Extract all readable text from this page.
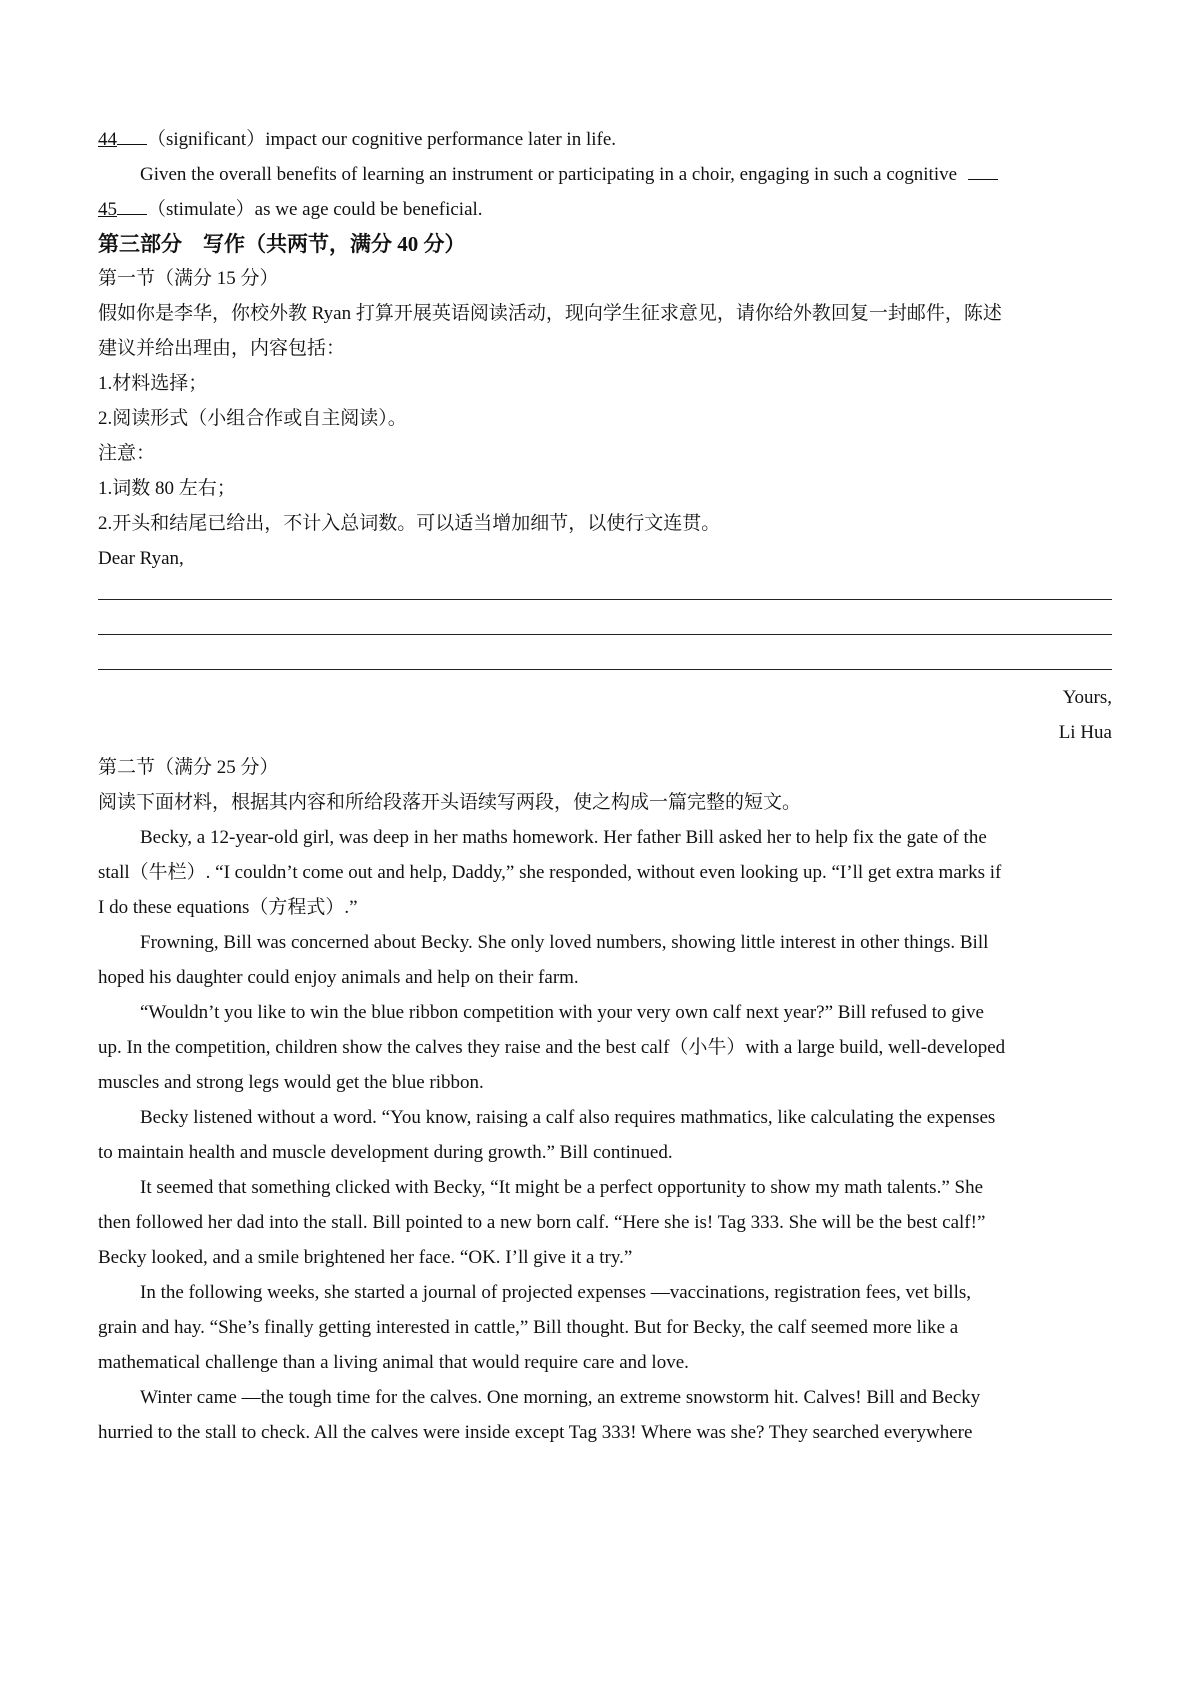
44 （significant）impact our cognitive performance later in life.
Given the overall benefits of learning an instrument or participating in a choir, engaging in such a cognitive
45 （stimulate）as we age could be beneficial.
第三部分　写作（共两节，满分 40 分）
第一节（满分 15 分）
假如你是李华，你校外教 Ryan 打算开展英语阅读活动，现向学生征求意见，请你给外教回复一封邮件，陈述
建议并给出理由，内容包括：
1.材料选择；
2.阅读形式（小组合作或自主阅读）。
注意：
1.词数 80 左右；
2.开头和结尾已给出，不计入总词数。可以适当增加细节，以使行文连贯。
Dear Ryan,
Yours,
Li Hua
第二节（满分 25 分）
阅读下面材料，根据其内容和所给段落开头语续写两段，使之构成一篇完整的短文。
Becky, a 12-year-old girl, was deep in her maths homework. Her father Bill asked her to help fix the gate of the
stall（牛栏）. “I couldn’t come out and help, Daddy,” she responded, without even looking up. “I’ll get extra marks if
I do these equations（方程式）.”
Frowning, Bill was concerned about Becky. She only loved numbers, showing little interest in other things. Bill
hoped his daughter could enjoy animals and help on their farm.
“Wouldn’t you like to win the blue ribbon competition with your very own calf next year?” Bill refused to give
up. In the competition, children show the calves they raise and the best calf（小牛）with a large build, well-developed
muscles and strong legs would get the blue ribbon.
Becky listened without a word. “You know, raising a calf also requires mathmatics, like calculating the expenses
to maintain health and muscle development during growth.” Bill continued.
It seemed that something clicked with Becky, “It might be a perfect opportunity to show my math talents.” She
then followed her dad into the stall. Bill pointed to a new born calf. “Here she is! Tag 333. She will be the best calf!”
Becky looked, and a smile brightened her face. “OK. I’ll give it a try.”
In the following weeks, she started a journal of projected expenses —vaccinations, registration fees, vet bills,
grain and hay. “She’s finally getting interested in cattle,” Bill thought. But for Becky, the calf seemed more like a
mathematical challenge than a living animal that would require care and love.
Winter came —the tough time for the calves. One morning, an extreme snowstorm hit. Calves! Bill and Becky
hurried to the stall to check. All the calves were inside except Tag 333! Where was she? They searched everywhere
